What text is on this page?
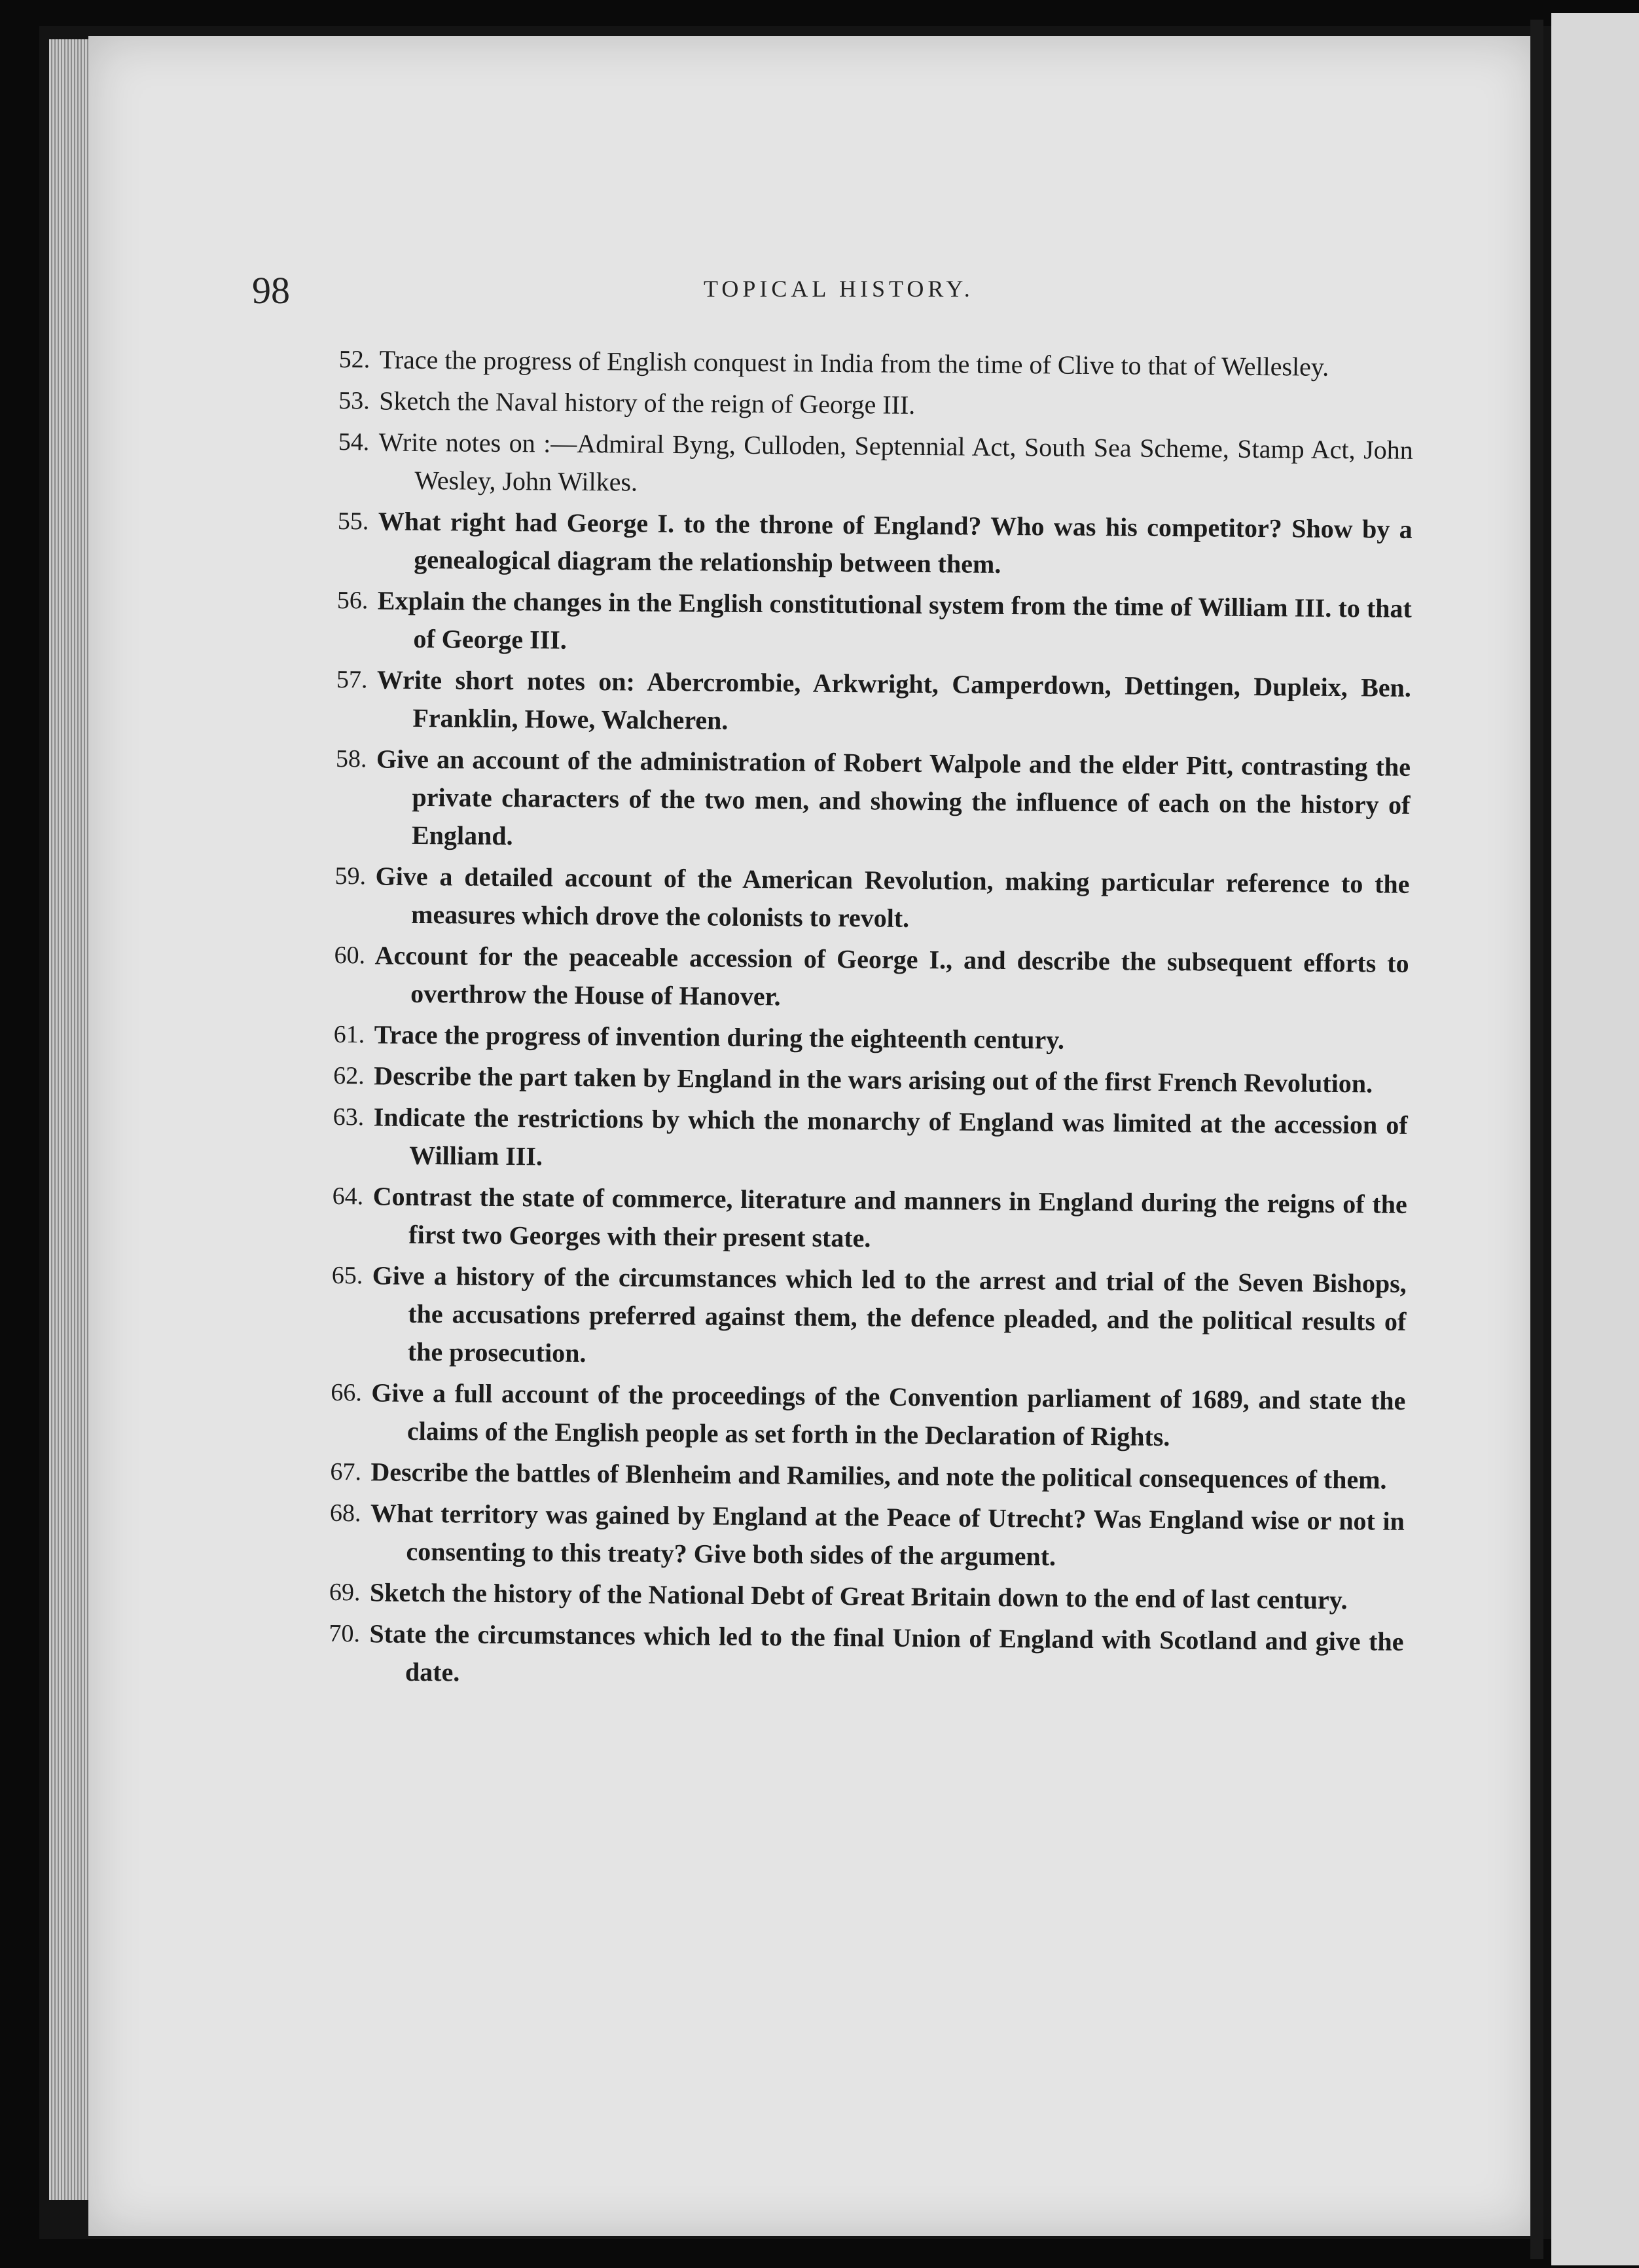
98	TOPICAL HISTORY.
52. Trace the progress of English conquest in India from the time of Clive to that of Wellesley.
53. Sketch the Naval history of the reign of George III.
54. Write notes on :—Admiral Byng, Culloden, Septennial Act, South Sea Scheme, Stamp Act, John Wesley, John Wilkes.
55. What right had George I. to the throne of England? Who was his competitor? Show by a genealogical diagram the relationship between them.
56. Explain the changes in the English constitutional system from the time of William III. to that of George III.
57. Write short notes on: Abercrombie, Arkwright, Camperdown, Dettingen, Dupleix, Ben. Franklin, Howe, Walcheren.
58. Give an account of the administration of Robert Walpole and the elder Pitt, contrasting the private characters of the two men, and showing the influence of each on the history of England.
59. Give a detailed account of the American Revolution, making particular reference to the measures which drove the colonists to revolt.
60. Account for the peaceable accession of George I., and describe the subsequent efforts to overthrow the House of Hanover.
61. Trace the progress of invention during the eighteenth century.
62. Describe the part taken by England in the wars arising out of the first French Revolution.
63. Indicate the restrictions by which the monarchy of England was limited at the accession of William III.
64. Contrast the state of commerce, literature and manners in England during the reigns of the first two Georges with their present state.
65. Give a history of the circumstances which led to the arrest and trial of the Seven Bishops, the accusations preferred against them, the defence pleaded, and the political results of the prosecution.
66. Give a full account of the proceedings of the Convention parliament of 1689, and state the claims of the English people as set forth in the Declaration of Rights.
67. Describe the battles of Blenheim and Ramilies, and note the political consequences of them.
68. What territory was gained by England at the Peace of Utrecht? Was England wise or not in consenting to this treaty? Give both sides of the argument.
69. Sketch the history of the National Debt of Great Britain down to the end of last century.
70. State the circumstances which led to the final Union of England with Scotland and give the date.
